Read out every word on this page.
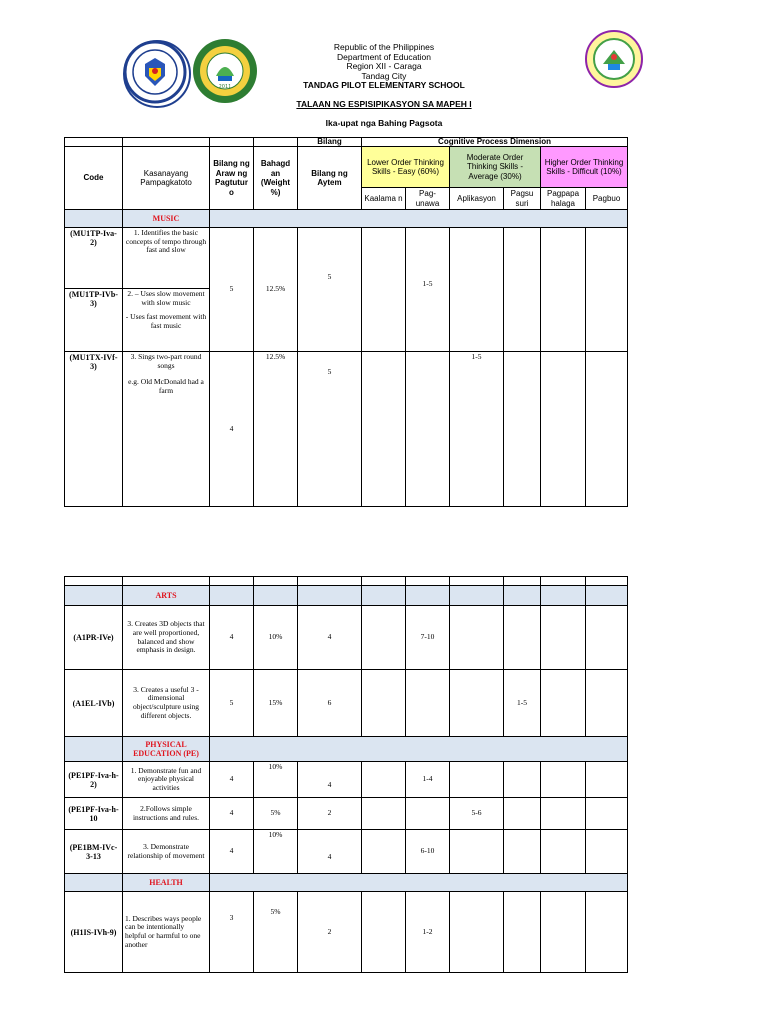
2011
Republic of the Philippines
Department of Education
Region XII - Caraga
Tandag City
TANDAG PILOT ELEMENTARY SCHOOL
TALAAN NG ESPISIPIKASYON SA MAPEH I
Ika-upat nga Bahing Pagsota
				Bilang	Cognitive Process Dimension					
Code	Kasanayang Pampagkatoto	Bilang ng Araw ng Pagtutur o	Bahagd an (Weight %)	Bilang ng Aytem	Lower Order Thinking Skills - Easy (60%)		Moderate Order Thinking Skills - Average (30%)		Higher Order Thinking Skills - Difficult (10%)	
					Kaalama n	Pag- unawa	Aplikasyon	Pagsu suri	Pagpapa halaga	Pagbuo
	MUSIC									
(MU1TP-Iva-2)	1. Identifies the basic concepts of tempo through fast and slow	5	12.5%	5		1-5				
(MU1TP-IVb-3)	2. – Uses slow movement with slow music
- Uses fast movement with fast music									

(MU1TX-IVf-3)	3. Sings two-part round songs
e.g. Old McDonald had a farm	4	12.5%	5			1-5			

	ARTS									
(A1PR-IVe)	3. Creates 3D objects that are well proportioned, balanced and show emphasis in design.	4	10%	4		7-10				
(A1EL-IVb)	3. Creates a useful 3 - dimensional object/sculpture using different objects.	5	15%	6				1-5		
	PHYSICAL EDUCATION (PE)									
(PE1PF-Iva-h-2)	1. Demonstrate fun and enjoyable physical activities	4	10%	4		1-4				
(PE1PF-Iva-h-10	2.Follows simple instructions and rules.	4	5%	2			5-6			
(PE1BM-IVc-3-13	3. Demonstrate relationship of movement	4	10%	4		6-10				
	HEALTH									
(H1IS-IVh-9)	1. Describes ways people can be intentionally helpful or harmful to one another	3	5%	2		1-2				
